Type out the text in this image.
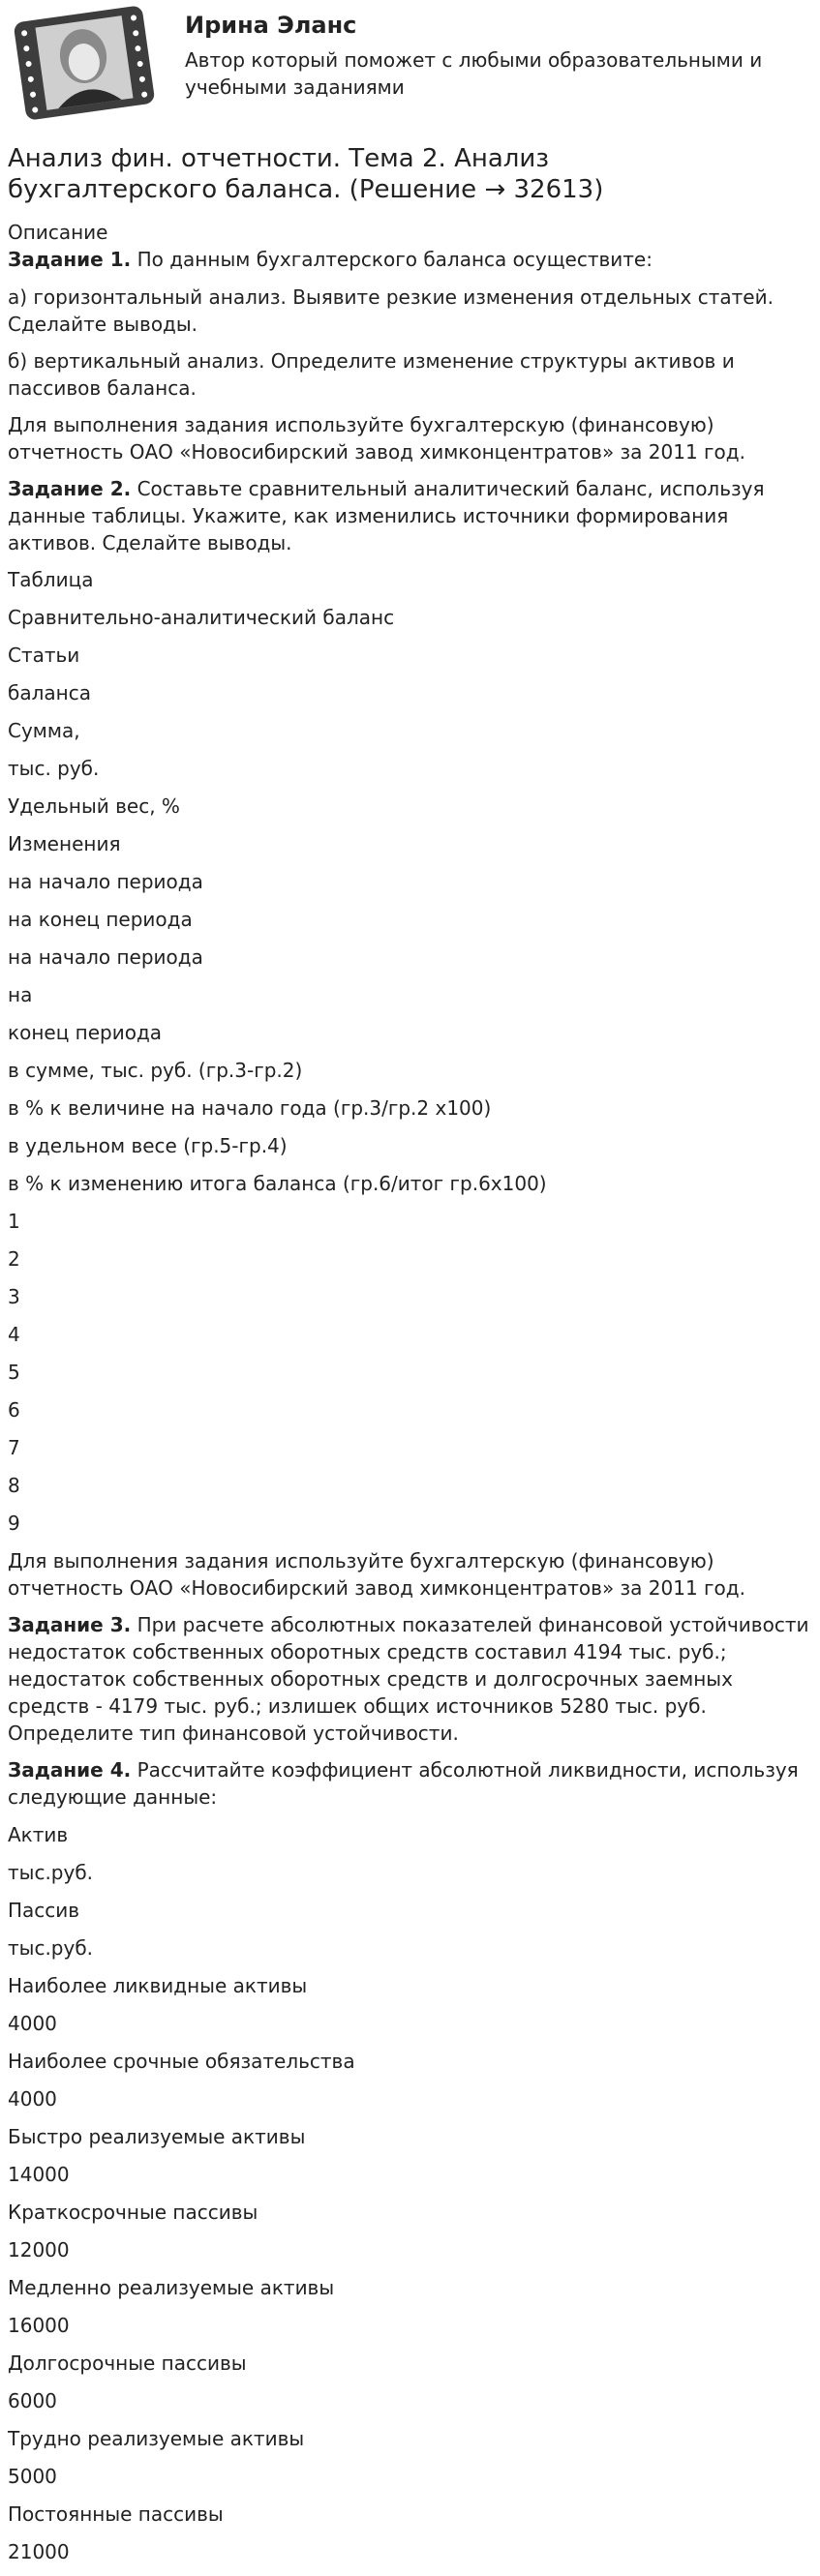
Ирина Эланс
Автор который поможет с любыми образовательными и учебными заданиями
Анализ фин. отчетности. Тема 2. Анализ бухгалтерского баланса. (Решение → 32613)
Описание

Задание 1. По данным бухгалтерского баланса осуществите:

а) горизонтальный анализ. Выявите резкие изменения отдельных статей. Сделайте выводы.

б) вертикальный анализ. Определите изменение структуры активов и пассивов баланса.

Для выполнения задания используйте бухгалтерскую (финансовую) отчетность ОАО «Новосибирский завод химконцентратов» за 2011 год.

Задание 2. Составьте сравнительный аналитический баланс, используя данные таблицы. Укажите, как изменились источники формирования активов. Сделайте выводы.

Таблица
Сравнительно-аналитический баланс
Статьи
баланса
Сумма,
тыс. руб.
Удельный вес, %
Изменения
на начало периода
на конец периода
на начало периода
на
конец периода
в сумме, тыс. руб. (гр.3-гр.2)
в % к величине на начало года (гр.3/гр.2 х100)
в удельном весе (гр.5-гр.4)
в % к изменению итога баланса (гр.6/итог гр.6х100)
1
2
3
4
5
6
7
8
9

Для выполнения задания используйте бухгалтерскую (финансовую) отчетность ОАО «Новосибирский завод химконцентратов» за 2011 год.

Задание 3. При расчете абсолютных показателей финансовой устойчивости недостаток собственных оборотных средств составил 4194 тыс. руб.; недостаток собственных оборотных средств и долгосрочных заемных средств - 4179 тыс. руб.; излишек общих источников 5280 тыс. руб. Определите тип финансовой устойчивости.

Задание 4. Рассчитайте коэффициент абсолютной ликвидности, используя следующие данные:

Актив
тыс.руб.
Пассив
тыс.руб.
Наиболее ликвидные активы
4000
Наиболее срочные обязательства
4000
Быстро реализуемые активы
14000
Краткосрочные пассивы
12000
Медленно реализуемые активы
16000
Долгосрочные пассивы
6000
Трудно реализуемые активы
5000
Постоянные пассивы
21000
